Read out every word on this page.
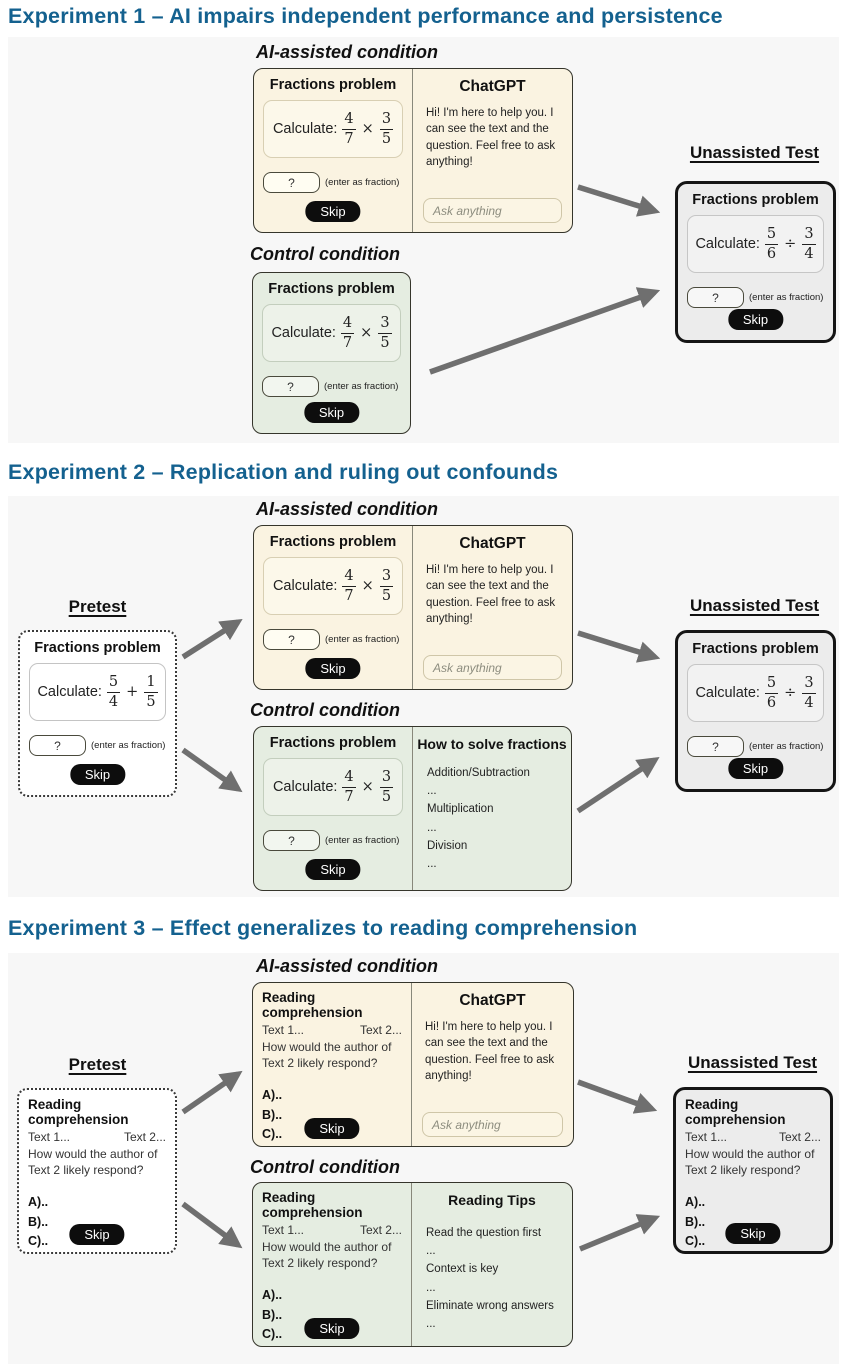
Experiment 1 – AI impairs independent performance and persistence
AI-assisted condition
Fractions problem
Calculate: $\frac{4}{7} \times \frac{3}{5}$
?	(enter as fraction)
Skip
ChatGPT
Hi! I'm here to help you. I can see the text and the question. Feel free to ask anything!
Ask anything
Control condition
Fractions problem
Calculate: $\frac{4}{7} \times \frac{3}{5}$
?	(enter as fraction)
Skip
Unassisted Test
Fractions problem
Calculate: $\frac{5}{6} \div \frac{3}{4}$
?	(enter as fraction)
Skip
Experiment 2 – Replication and ruling out confounds
Pretest
Fractions problem
Calculate: $\frac{5}{4} + \frac{1}{5}$
?	(enter as fraction)
Skip
AI-assisted condition
Fractions problem
Calculate: $\frac{4}{7} \times \frac{3}{5}$
?	(enter as fraction)
Skip
ChatGPT
Hi! I'm here to help you. I can see the text and the question. Feel free to ask anything!
Ask anything
Control condition
Fractions problem
Calculate: $\frac{4}{7} \times \frac{3}{5}$
?	(enter as fraction)
Skip
How to solve fractions
Addition/Subtraction
...
Multiplication
...
Division
...
Unassisted Test
Fractions problem
Calculate: $\frac{5}{6} \div \frac{3}{4}$
?	(enter as fraction)
Skip
Experiment 3 – Effect generalizes to reading comprehension
AI-assisted condition
Reading comprehension
Text 1...	Text 2...
How would the author of Text 2 likely respond?
A)..
B)..
C)..	Skip
ChatGPT
Hi! I'm here to help you. I can see the text and the question. Feel free to ask anything!
Ask anything
Control condition
Reading comprehension
Text 1...	Text 2...
How would the author of Text 2 likely respond?
A)..
B)..
C)..	Skip
Reading Tips
Read the question first
...
Context is key
...
Eliminate wrong answers
...
Pretest
Reading comprehension
Text 1...	Text 2...
How would the author of Text 2 likely respond?
A)..
B)..
C)..	Skip
Unassisted Test
Reading comprehension
Text 1...	Text 2...
How would the author of Text 2 likely respond?
A)..
B)..
C)..
Skip
